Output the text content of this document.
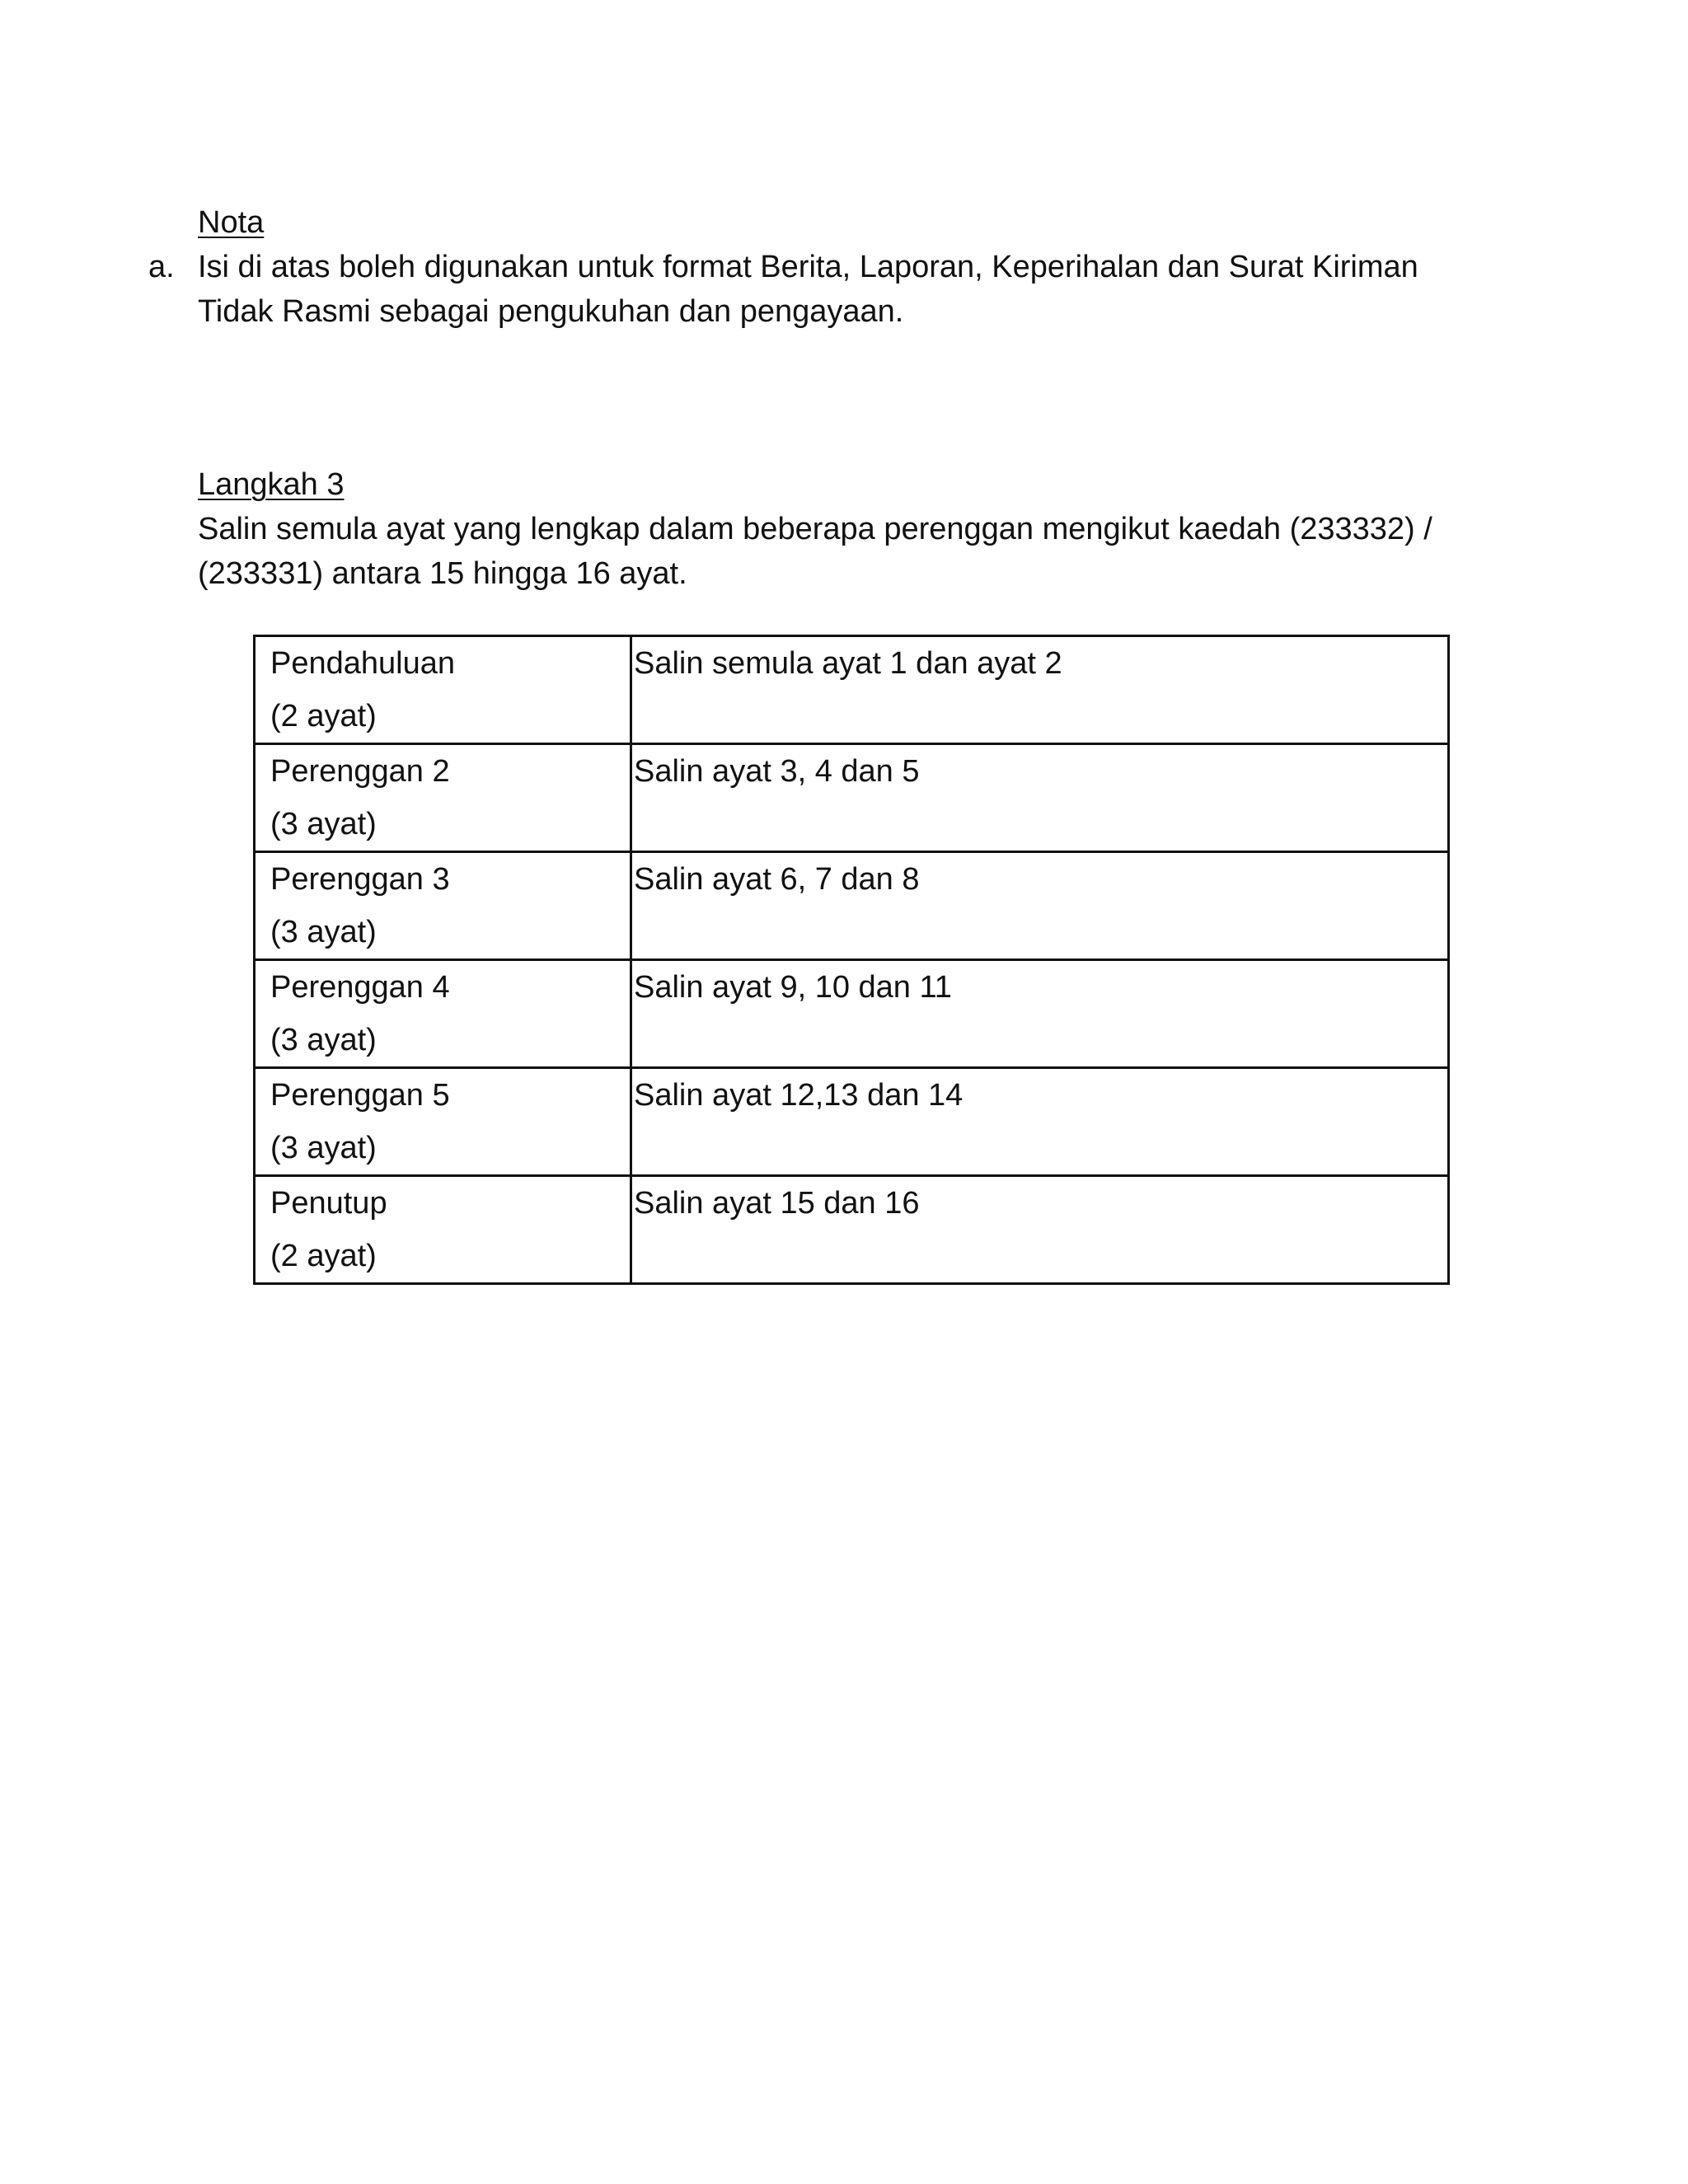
Nota
a. Isi di atas boleh digunakan untuk format Berita, Laporan, Keperihalan dan Surat Kiriman Tidak Rasmi sebagai pengukuhan dan pengayaan.
Langkah 3
Salin semula ayat yang lengkap dalam beberapa perenggan mengikut kaedah (233332) / (233331) antara 15 hingga 16 ayat.
Pendahuluan
(2 ayat)	Salin semula ayat 1 dan ayat 2

Perenggan 2
(3 ayat)	Salin ayat 3, 4 dan 5

Perenggan 3
(3 ayat)	Salin ayat 6, 7 dan 8

Perenggan 4
(3 ayat)	Salin ayat 9, 10 dan 11

Perenggan 5
(3 ayat)	Salin ayat 12,13 dan 14

Penutup
(2 ayat)	Salin ayat 15 dan 16
